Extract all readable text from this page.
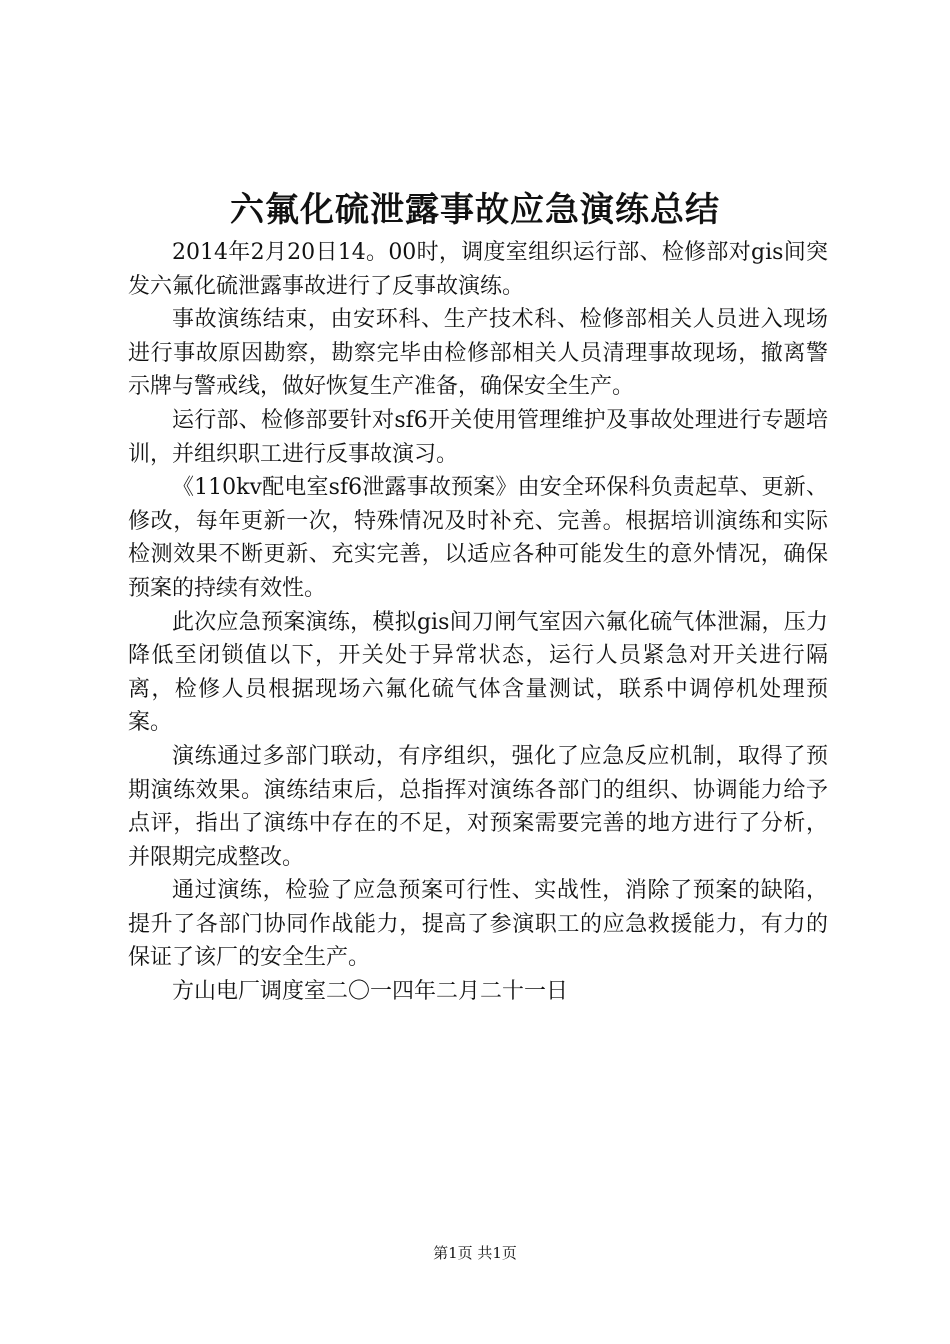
六氟化硫泄露事故应急演练总结

2014年2月20日14。00时，调度室组织运行部、检修部对gis间突发六氟化硫泄露事故进行了反事故演练。

事故演练结束，由安环科、生产技术科、检修部相关人员进入现场进行事故原因勘察，勘察完毕由检修部相关人员清理事故现场，撤离警示牌与警戒线，做好恢复生产准备，确保安全生产。

运行部、检修部要针对sf6开关使用管理维护及事故处理进行专题培训，并组织职工进行反事故演习。

《110kv配电室sf6泄露事故预案》由安全环保科负责起草、更新、修改，每年更新一次，特殊情况及时补充、完善。根据培训演练和实际检测效果不断更新、充实完善，以适应各种可能发生的意外情况，确保预案的持续有效性。

此次应急预案演练，模拟gis间刀闸气室因六氟化硫气体泄漏，压力降低至闭锁值以下，开关处于异常状态，运行人员紧急对开关进行隔离，检修人员根据现场六氟化硫气体含量测试，联系中调停机处理预案。

演练通过多部门联动，有序组织，强化了应急反应机制，取得了预期演练效果。演练结束后，总指挥对演练各部门的组织、协调能力给予点评，指出了演练中存在的不足，对预案需要完善的地方进行了分析，并限期完成整改。

通过演练，检验了应急预案可行性、实战性，消除了预案的缺陷，提升了各部门协同作战能力，提高了参演职工的应急救援能力，有力的保证了该厂的安全生产。

方山电厂调度室二〇一四年二月二十一日

第1页 共1页
